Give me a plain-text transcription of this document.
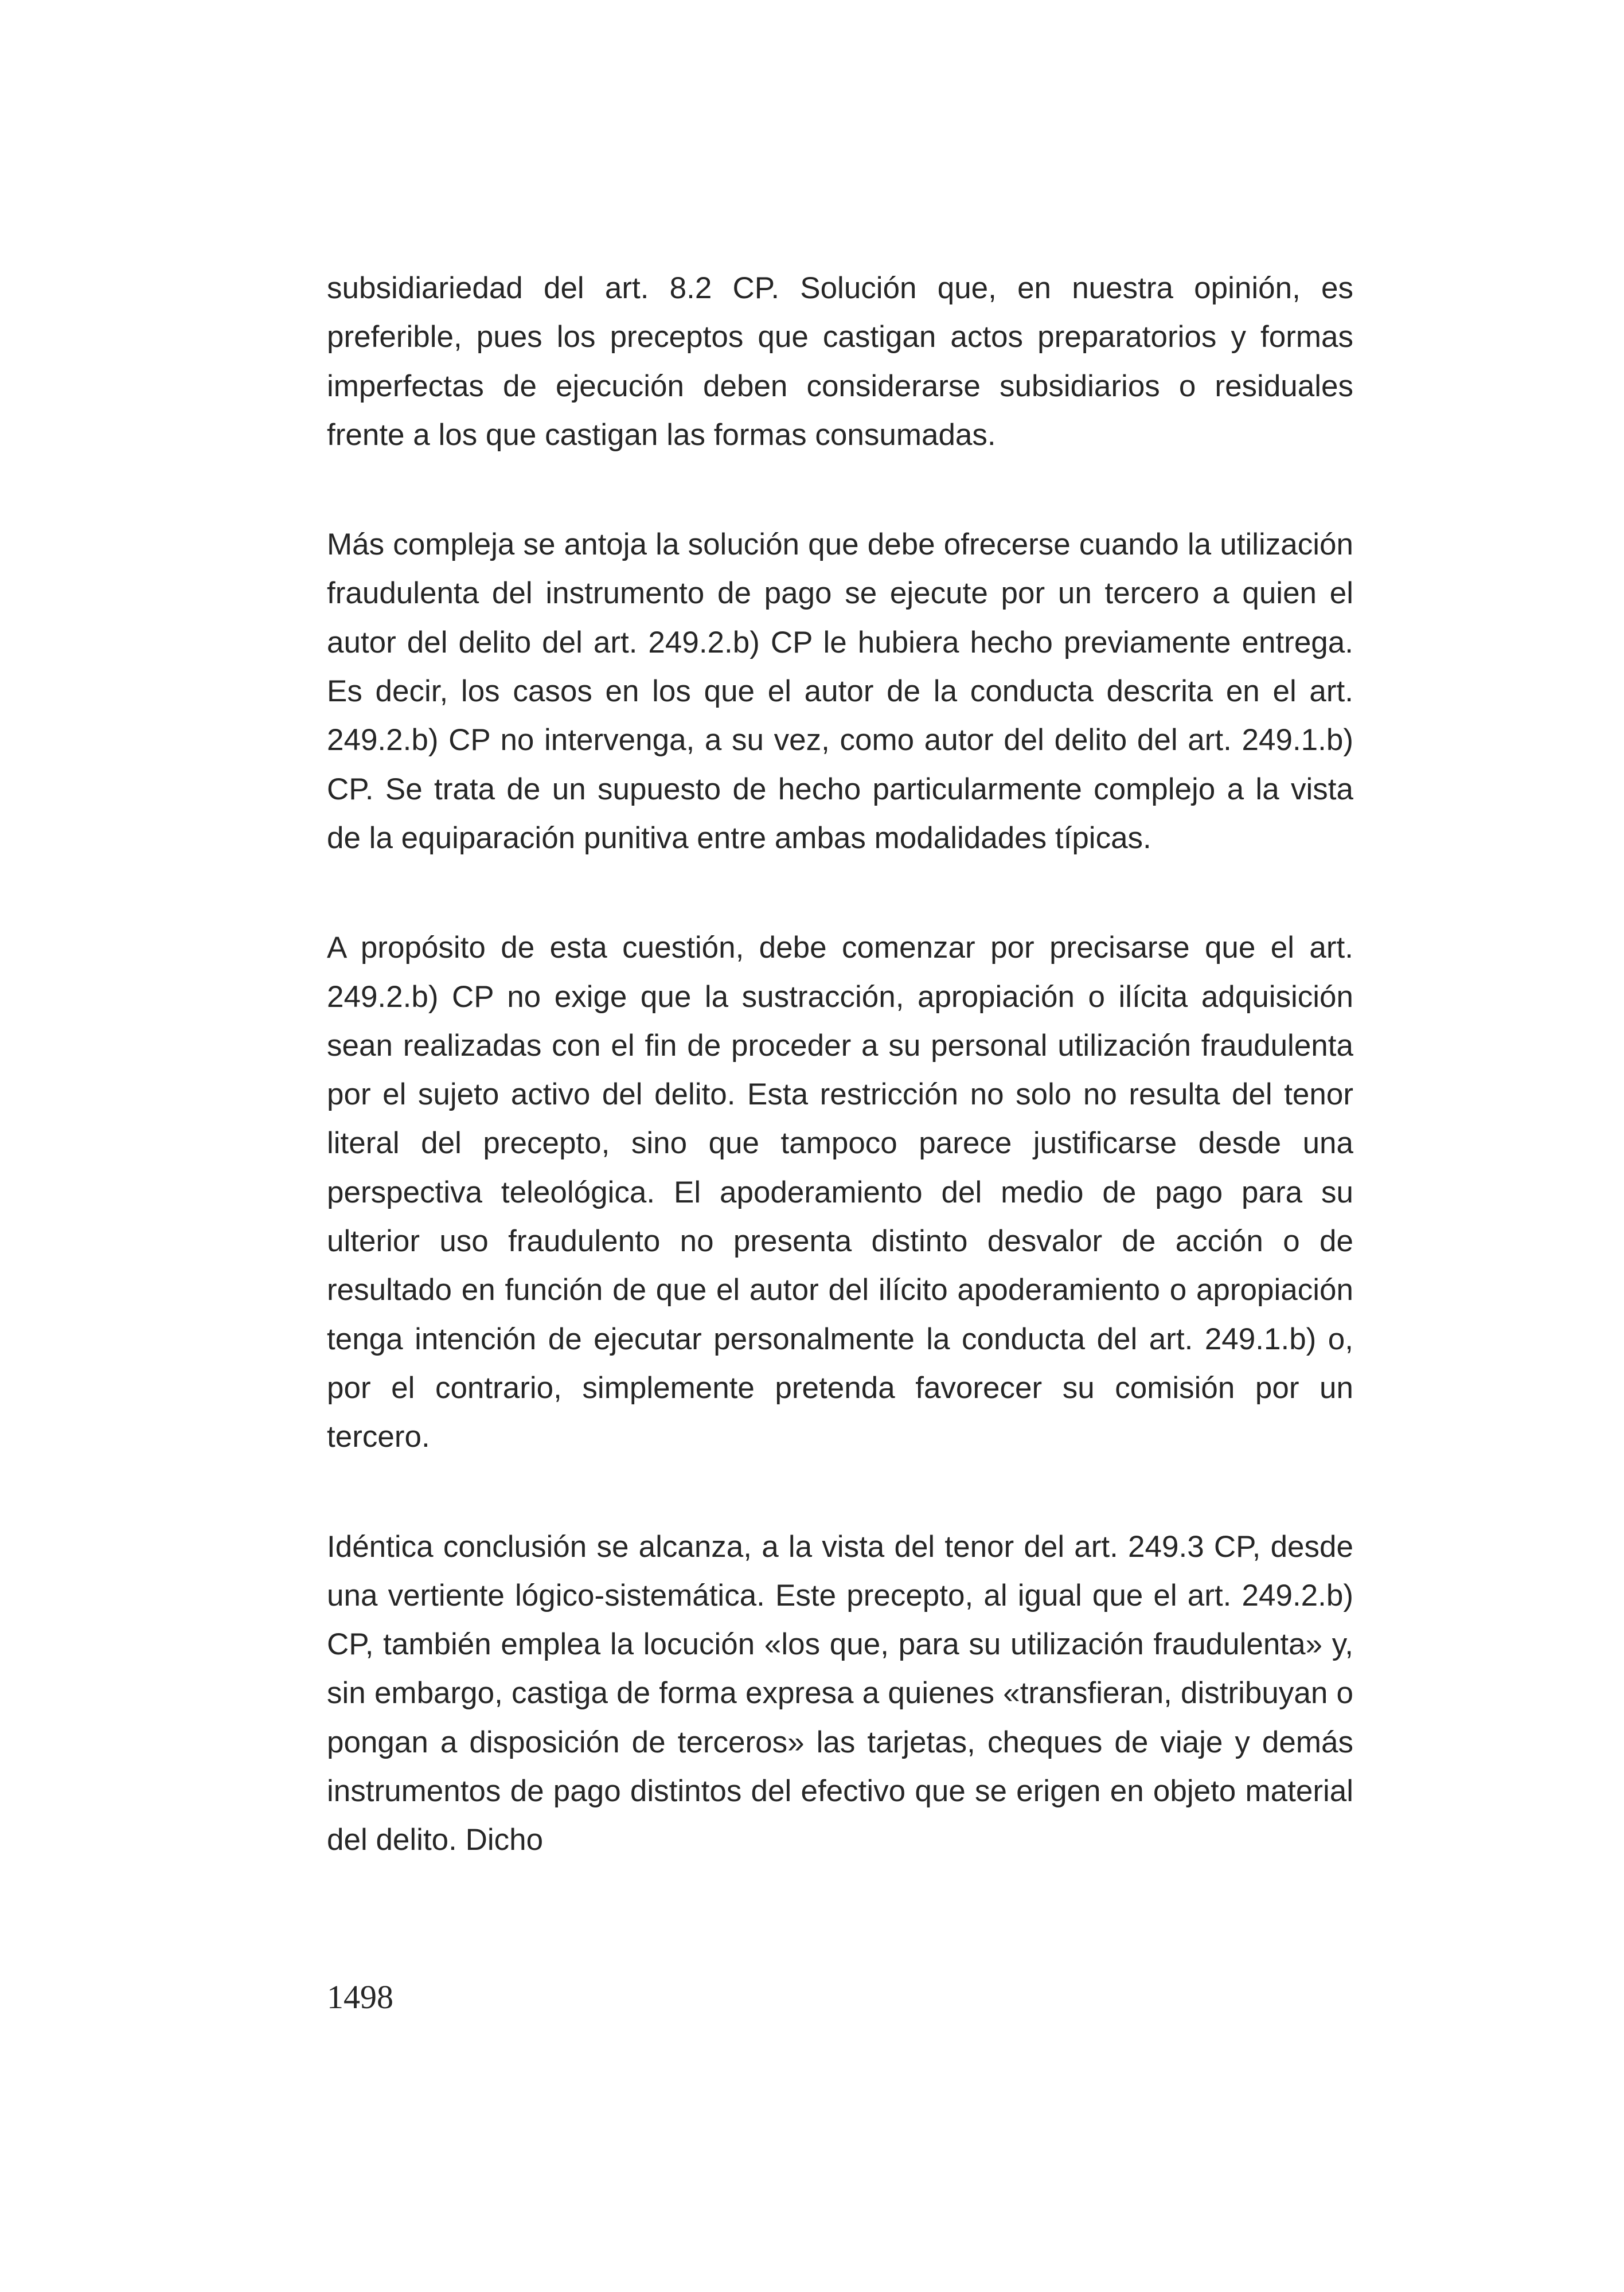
subsidiariedad del art. 8.2 CP. Solución que, en nuestra opinión, es preferible, pues los preceptos que castigan actos preparatorios y formas imperfectas de ejecución deben considerarse subsidiarios o residuales frente a los que castigan las formas consumadas.

Más compleja se antoja la solución que debe ofrecerse cuando la utilización fraudulenta del instrumento de pago se ejecute por un tercero a quien el autor del delito del art. 249.2.b) CP le hubiera hecho previamente entrega. Es decir, los casos en los que el autor de la conducta descrita en el art. 249.2.b) CP no intervenga, a su vez, como autor del delito del art. 249.1.b) CP. Se trata de un supuesto de hecho particularmente complejo a la vista de la equiparación punitiva entre ambas modalidades típicas.

A propósito de esta cuestión, debe comenzar por precisarse que el art. 249.2.b) CP no exige que la sustracción, apropiación o ilícita adquisición sean realizadas con el fin de proceder a su personal utilización fraudulenta por el sujeto activo del delito. Esta restricción no solo no resulta del tenor literal del precepto, sino que tampoco parece justificarse desde una perspectiva teleológica. El apoderamiento del medio de pago para su ulterior uso fraudulento no presenta distinto desvalor de acción o de resultado en función de que el autor del ilícito apoderamiento o apropiación tenga intención de ejecutar personalmente la conducta del art. 249.1.b) o, por el contrario, simplemente pretenda favorecer su comisión por un tercero.

Idéntica conclusión se alcanza, a la vista del tenor del art. 249.3 CP, desde una vertiente lógico-sistemática. Este precepto, al igual que el art. 249.2.b) CP, también emplea la locución «los que, para su utilización fraudulenta» y, sin embargo, castiga de forma expresa a quienes «transfieran, distribuyan o pongan a disposición de terceros» las tarjetas, cheques de viaje y demás instrumentos de pago distintos del efectivo que se erigen en objeto material del delito. Dicho

1498
